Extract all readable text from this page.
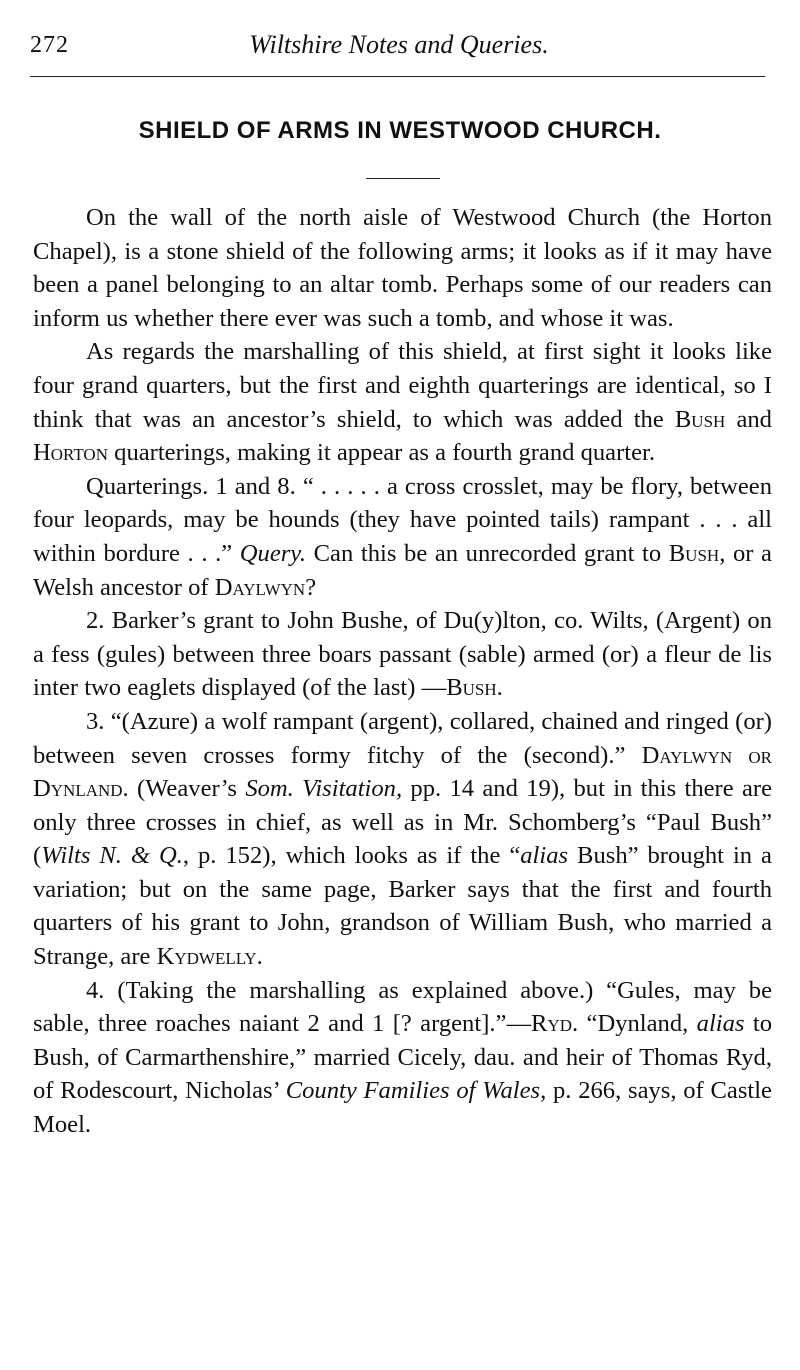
272	Wiltshire Notes and Queries.
SHIELD OF ARMS IN WESTWOOD CHURCH.

On the wall of the north aisle of Westwood Church (the Horton Chapel), is a stone shield of the following arms; it looks as if it may have been a panel belonging to an altar tomb. Perhaps some of our readers can inform us whether there ever was such a tomb, and whose it was.

As regards the marshalling of this shield, at first sight it looks like four grand quarters, but the first and eighth quarterings are identical, so I think that was an ancestor’s shield, to which was added the Bush and Horton quarterings, making it appear as a fourth grand quarter.

Quarterings. 1 and 8. “ . . . . . a cross crosslet, may be flory, between four leopards, may be hounds (they have pointed tails) rampant . . . all within bordure . . .” Query. Can this be an unrecorded grant to Bush, or a Welsh ancestor of Daylwyn?

2. Barker’s grant to John Bushe, of Du(y)lton, co. Wilts, (Argent) on a fess (gules) between three boars passant (sable) armed (or) a fleur de lis inter two eaglets displayed (of the last) —Bush.

3. “(Azure) a wolf rampant (argent), collared, chained and ringed (or) between seven crosses formy fitchy of the (second).” Daylwyn or Dynland. (Weaver’s Som. Visitation, pp. 14 and 19), but in this there are only three crosses in chief, as well as in Mr. Schomberg’s “Paul Bush” (Wilts N. & Q., p. 152), which looks as if the “alias Bush” brought in a variation; but on the same page, Barker says that the first and fourth quarters of his grant to John, grandson of William Bush, who married a Strange, are Kydwelly.

4. (Taking the marshalling as explained above.) “Gules, may be sable, three roaches naiant 2 and 1 [? argent].”—Ryd. “Dynland, alias to Bush, of Carmarthenshire,” married Cicely, dau. and heir of Thomas Ryd, of Rodescourt, Nicholas’ County Families of Wales, p. 266, says, of Castle Moel.
